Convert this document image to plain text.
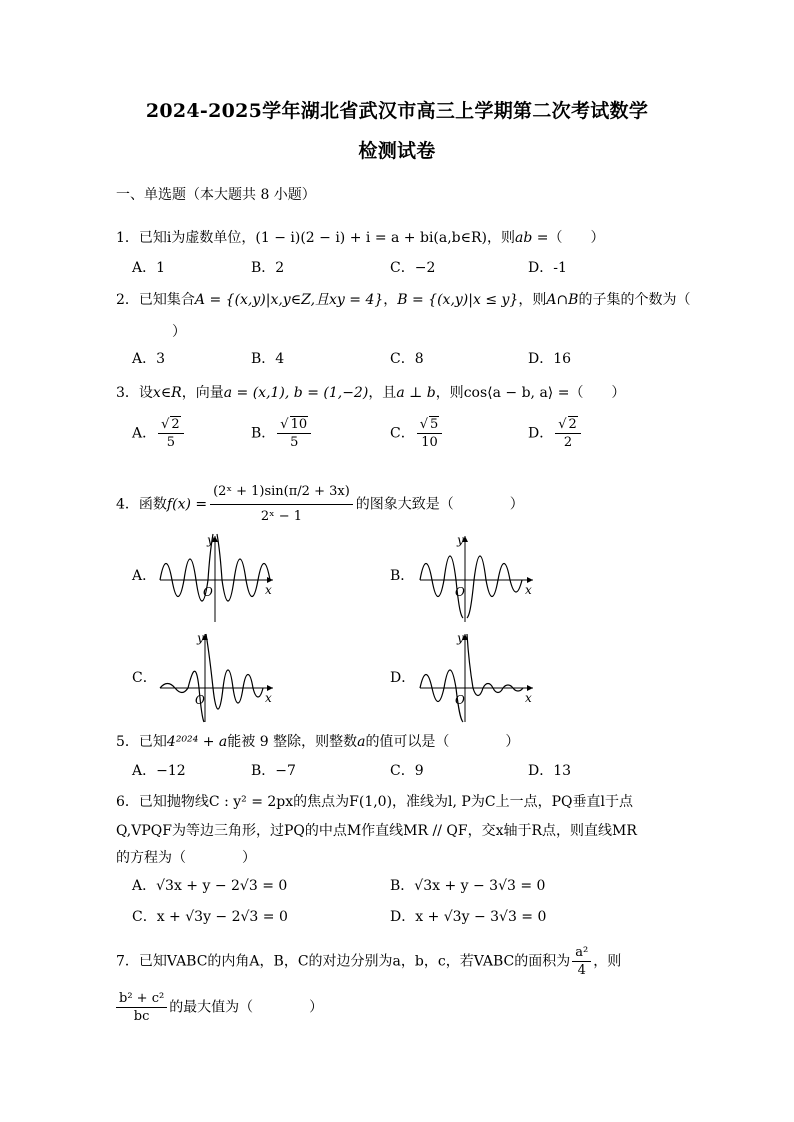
2024-2025学年湖北省武汉市高三上学期第二次考试数学
检测试卷
一、单选题（本大题共 8 小题）
1．已知i为虚数单位，(1 − i)(2 − i) + i = a + bi(a,b∈R)，则ab =（　　）
A．1	B．2	C．−2	D．-1
2．已知集合A = {(x,y)|x,y∈Z,且xy = 4}，B = {(x,y)|x ≤ y}，则A∩B的子集的个数为（
）
A．3	B．4	C．8	D．16
3．设x∈R，向量a = (x,1), b = (1,−2)，且a ⊥ b，则cos⟨a − b, a⟩ =（　　）
A． $\frac{√ 2}{5}$	B． $\frac{√ 10}{5}$	C． $\frac{√ 5}{10}$	D． $\frac{√ 2}{2}$
4．函数$f(x) = \frac{\text{(2ˣ + 1)sin(π/2 + 3x)}}{\text{2ˣ − 1}}$ 的图象大致是（　　　　）
A．	B．
C．	D．
y
x
O
y
x
O
y
x
O
y
x
O
5．已知4²⁰²⁴ + a能被 9 整除，则整数a的值可以是（　　　　）
A．−12	B．−7	C．9	D．13
6．已知抛物线C : y² = 2px的焦点为F(1,0)，准线为l, P为C上一点，PQ垂直l于点
Q,VPQF为等边三角形，过PQ的中点M作直线MR // QF，交x轴于R点，则直线MR
的方程为（　　　　）
A．√3x + y − 2√3 = 0	B．√3x + y − 3√3 = 0
C．x + √3y − 2√3 = 0	D．x + √3y − 3√3 = 0
7．已知VABC的内角A，B，C的对边分别为a，b，c，若VABC的面积为 $\frac{\text{a²}}{4}$ ，则
$\frac{\text{b² + c²}}{bc}$ 的最大值为（　　　　）
